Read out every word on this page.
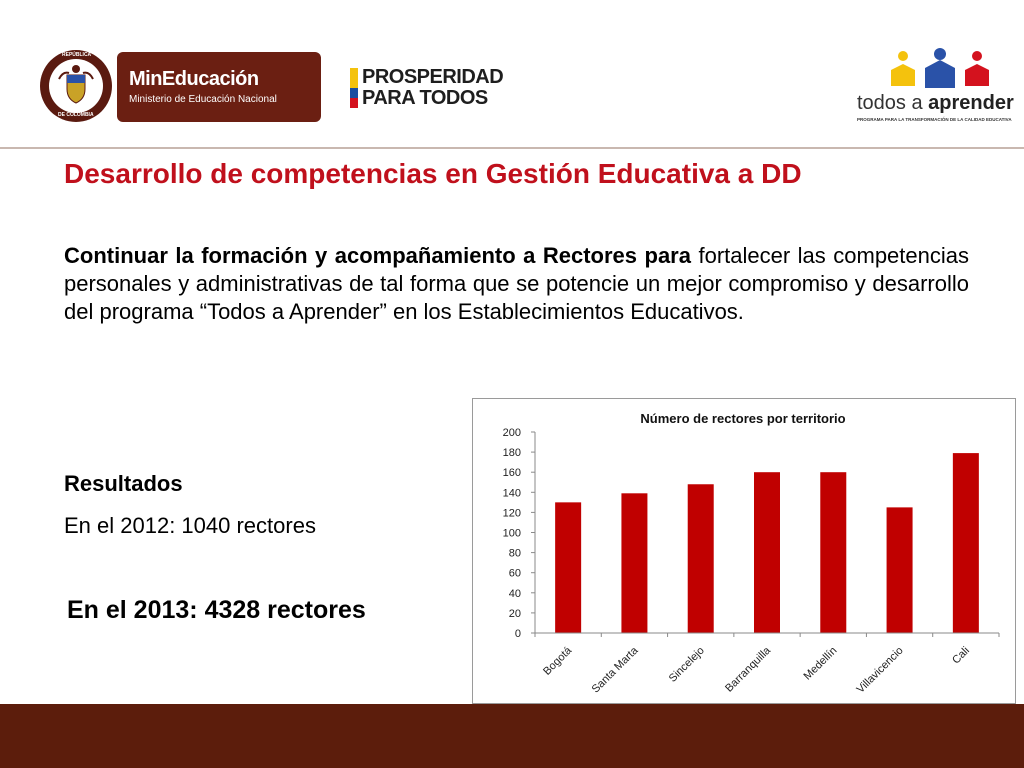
REPÚBLICA
DE COLOMBIA
MinEducación
Ministerio de Educación Nacional
PROSPERIDAD
PARA TODOS	todos a aprender
PROGRAMA PARA LA TRANSFORMACIÓN DE LA CALIDAD EDUCATIVA
Desarrollo de competencias en Gestión Educativa a DD
Continuar la formación y acompañamiento a Rectores para fortalecer las competencias personales y administrativas de tal forma que se potencie un mejor compromiso y desarrollo del programa “Todos a Aprender” en los Establecimientos Educativos.
Resultados
En el 2012: 1040 rectores
En el 2013: 4328 rectores
Número de rectores por territorio
0
20
40
60
80
100
120
140
160
180
200
Bogotá Santa Marta Sincelejo Barranquilla	Medellín Villavicencio	Cali
